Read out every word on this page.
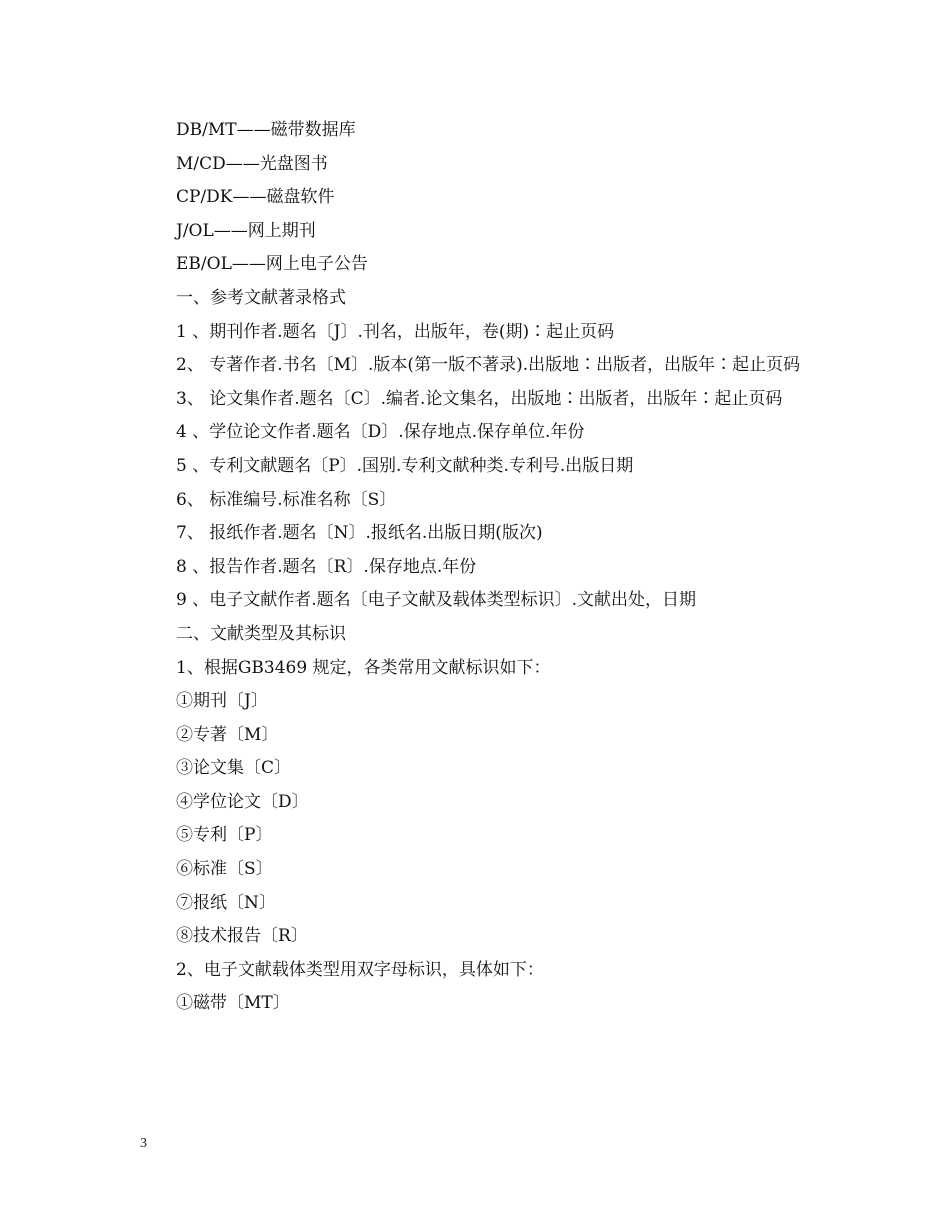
DB/MT——磁带数据库
M/CD——光盘图书
CP/DK——磁盘软件
J/OL——网上期刊
EB/OL——网上电子公告
一、参考文献著录格式
1 、期刊作者.题名〔J〕.刊名，出版年，卷(期)∶起止页码

2、 专著作者.书名〔M〕.版本(第一版不著录).出版地∶出版者，出版年∶起止页码

3、 论文集作者.题名〔C〕.编者.论文集名，出版地∶出版者，出版年∶起止页码

4 、学位论文作者.题名〔D〕.保存地点.保存单位.年份
5 、专利文献题名〔P〕.国别.专利文献种类.专利号.出版日期
6、 标准编号.标准名称〔S〕
7、 报纸作者.题名〔N〕.报纸名.出版日期(版次)
8 、报告作者.题名〔R〕.保存地点.年份
9 、电子文献作者.题名〔电子文献及载体类型标识〕.文献出处，日期
二、文献类型及其标识
1、根据GB3469 规定，各类常用文献标识如下：
①期刊〔J〕
②专著〔M〕
③论文集〔C〕
④学位论文〔D〕
⑤专利〔P〕
⑥标准〔S〕
⑦报纸〔N〕
⑧技术报告〔R〕
2、电子文献载体类型用双字母标识，具体如下：
①磁带〔MT〕
3
